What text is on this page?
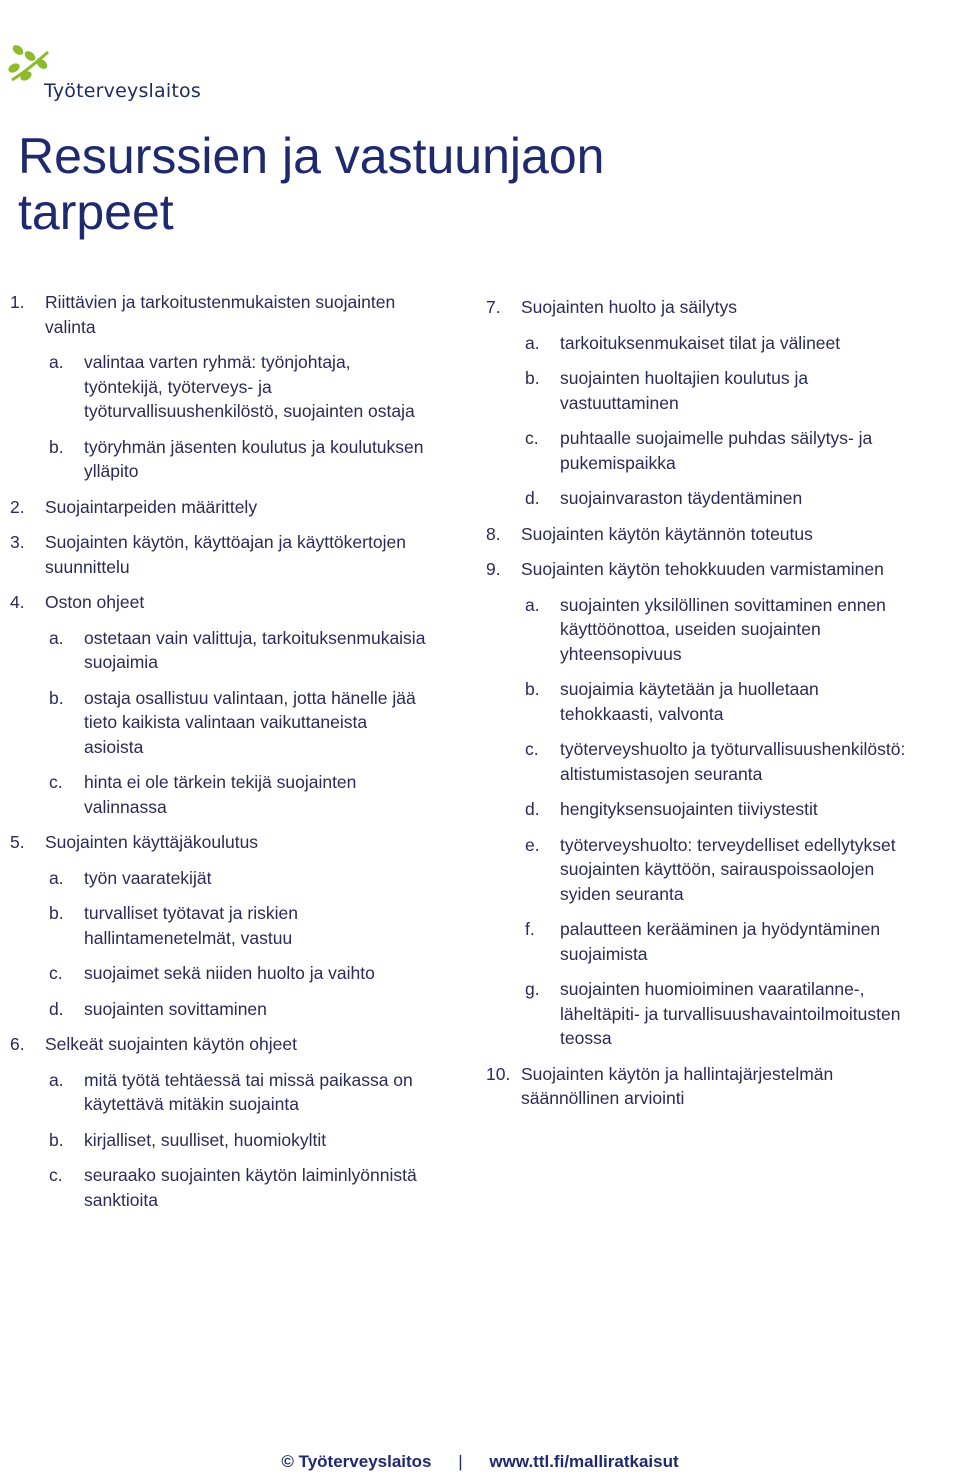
Työterveyslaitos
Resurssien ja vastuunjaon tarpeet
1. Riittävien ja tarkoitustenmukaisten suojainten valinta
a. valintaa varten ryhmä: työnjohtaja, työntekijä, työterveys- ja työturvallisuushenkilöstö, suojainten ostaja
b. työryhmän jäsenten koulutus ja koulutuksen ylläpito
2. Suojaintarpeiden määrittely
3. Suojainten käytön, käyttöajan ja käyttökertojen suunnittelu
4. Oston ohjeet
a. ostetaan vain valittuja, tarkoituksenmukaisia suojaimia
b. ostaja osallistuu valintaan, jotta hänelle jää tieto kaikista valintaan vaikuttaneista asioista
c. hinta ei ole tärkein tekijä suojainten valinnassa
5. Suojainten käyttäjäkoulutus
a. työn vaaratekijät
b. turvalliset työtavat ja riskien hallintamenetelmät, vastuu
c. suojaimet sekä niiden huolto ja vaihto
d. suojainten sovittaminen
6. Selkeät suojainten käytön ohjeet
a. mitä työtä tehtäessä tai missä paikassa on käytettävä mitäkin suojainta
b. kirjalliset, suulliset, huomiokyltit
c. seuraako suojainten käytön laiminlyönnistä sanktioita
7. Suojainten huolto ja säilytys
a. tarkoituksenmukaiset tilat ja välineet
b. suojainten huoltajien koulutus ja vastuuttaminen
c. puhtaalle suojaimelle puhdas säilytys- ja pukemispaikka
d. suojainvaraston täydentäminen
8. Suojainten käytön käytännön toteutus
9. Suojainten käytön tehokkuuden varmistaminen
a. suojainten yksilöllinen sovittaminen ennen käyttöönottoa, useiden suojainten yhteensopivuus
b. suojaimia käytetään ja huolletaan tehokkaasti, valvonta
c. työterveyshuolto ja työturvallisuushenkilöstö: altistumistasojen seuranta
d. hengityksensuojainten tiiviystestit
e. työterveyshuolto: terveydelliset edellytykset suojainten käyttöön, sairauspoissaolojen syiden seuranta
f. palautteen kerääminen ja hyödyntäminen suojaimista
g. suojainten huomioiminen vaaratilanne-, läheltäpiti- ja turvallisuushavaintoilmoitusten teossa
10. Suojainten käytön ja hallintajärjestelmän säännöllinen arviointi
© Työterveyslaitos | www.ttl.fi/malliratkaisut
